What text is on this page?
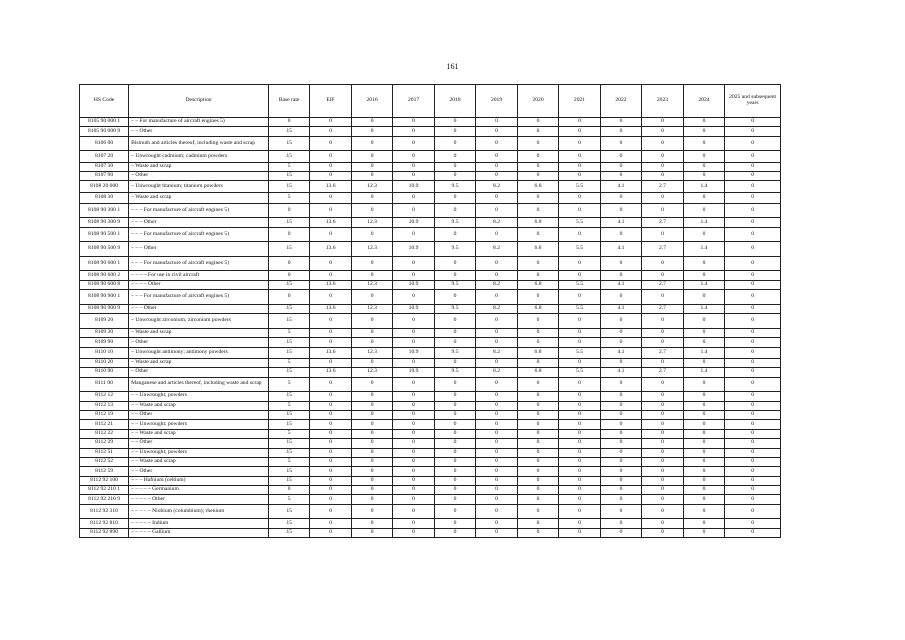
161
HS Code	Description	Base rate	EIF	2016	2017	2018	2019	2020	2021	2022	2023	2024	2025 and subsequent years
8105 90 000 1	– – For manufacture of aircraft engines 5)	0	0	0	0	0	0	0	0	0	0	0	0
8105 90 000 9	– – Other	15	0	0	0	0	0	0	0	0	0	0	0
8106 00	Bismuth and articles thereof, including waste and scrap	15	0	0	0	0	0	0	0	0	0	0	0
8107 20	– Unwrought cadmium; cadmium powders	15	0	0	0	0	0	0	0	0	0	0	0
8107 30	– Waste and scrap	5	0	0	0	0	0	0	0	0	0	0	0
8107 90	– Other	15	0	0	0	0	0	0	0	0	0	0	0
8108 20 000	– Unwrought titanium; titanium powders	15	13.6	12.3	10.9	9.5	8.2	6.8	5.5	4.1	2.7	1.4	0
8108 30	– Waste and scrap	5	0	0	0	0	0	0	0	0	0	0	0
8108 90 300 1	– – – For manufacture of aircraft engines 5)	0	0	0	0	0	0	0	0	0	0	0	0
8108 90 300 9	– – – Other	15	13.6	12.3	10.9	9.5	8.2	6.8	5.5	4.1	2.7	1.4	0
8108 90 500 1	– – – For manufacture of aircraft engines 5)	0	0	0	0	0	0	0	0	0	0	0	0
8108 90 500 9	– – – Other	15	13.6	12.3	10.9	9.5	8.2	6.8	5.5	4.1	2.7	1.4	0
8108 90 600 1	– – – For manufacture of aircraft engines 5)	0	0	0	0	0	0	0	0	0	0	0	0
8108 90 600 2	– – – – For use in civil aircraft	0	0	0	0	0	0	0	0	0	0	0	0
8108 90 600 8	– – – – Other	15	13.6	12.3	10.9	9.5	8.2	6.8	5.5	4.1	2.7	1.4	0
8108 90 900 1	– – – For manufacture of aircraft engines 5)	0	0	0	0	0	0	0	0	0	0	0	0
8108 90 900 9	– – – Other	15	13.6	12.3	10.9	9.5	8.2	6.8	5.5	4.1	2.7	1.4	0
8109 20	– Unwrought zirconium; zirconium powders	15	0	0	0	0	0	0	0	0	0	0	0
8109 30	– Waste and scrap	5	0	0	0	0	0	0	0	0	0	0	0
8109 90	– Other	15	0	0	0	0	0	0	0	0	0	0	0
8110 10	– Unwrought antimony; antimony powders	15	13.6	12.3	10.9	9.5	8.2	6.8	5.5	4.1	2.7	1.4	0
8110 20	– Waste and scrap	5	0	0	0	0	0	0	0	0	0	0	0
8110 90	– Other	15	13.6	12.3	10.9	9.5	8.2	6.8	5.5	4.1	2.7	1.4	0
8111 00	Manganese and articles thereof, including waste and scrap	5	0	0	0	0	0	0	0	0	0	0	0
8112 12	– – Unwrought; powders	15	0	0	0	0	0	0	0	0	0	0	0
8112 13	– – Waste and scrap	5	0	0	0	0	0	0	0	0	0	0	0
8112 19	– – Other	15	0	0	0	0	0	0	0	0	0	0	0
8112 21	– – Unwrought; powders	15	0	0	0	0	0	0	0	0	0	0	0
8112 22	– – Waste and scrap	5	0	0	0	0	0	0	0	0	0	0	0
8112 29	– – Other	15	0	0	0	0	0	0	0	0	0	0	0
8112 51	– – Unwrought; powders	15	0	0	0	0	0	0	0	0	0	0	0
8112 52	– – Waste and scrap	5	0	0	0	0	0	0	0	0	0	0	0
8112 59	– – Other	15	0	0	0	0	0	0	0	0	0	0	0
8112 92 100	– – – Hafnium (celtium)	15	0	0	0	0	0	0	0	0	0	0	0
8112 92 210 1	– – – – – Germanium	0	0	0	0	0	0	0	0	0	0	0	0
8112 92 210 9	– – – – – Other	5	0	0	0	0	0	0	0	0	0	0	0
8112 92 310	– – – – – Niobium (columbium); rhenium	15	0	0	0	0	0	0	0	0	0	0	0
8112 92 810	– – – – – Indium	15	0	0	0	0	0	0	0	0	0	0	0
8112 92 890	– – – – – Gallium	15	0	0	0	0	0	0	0	0	0	0	0
